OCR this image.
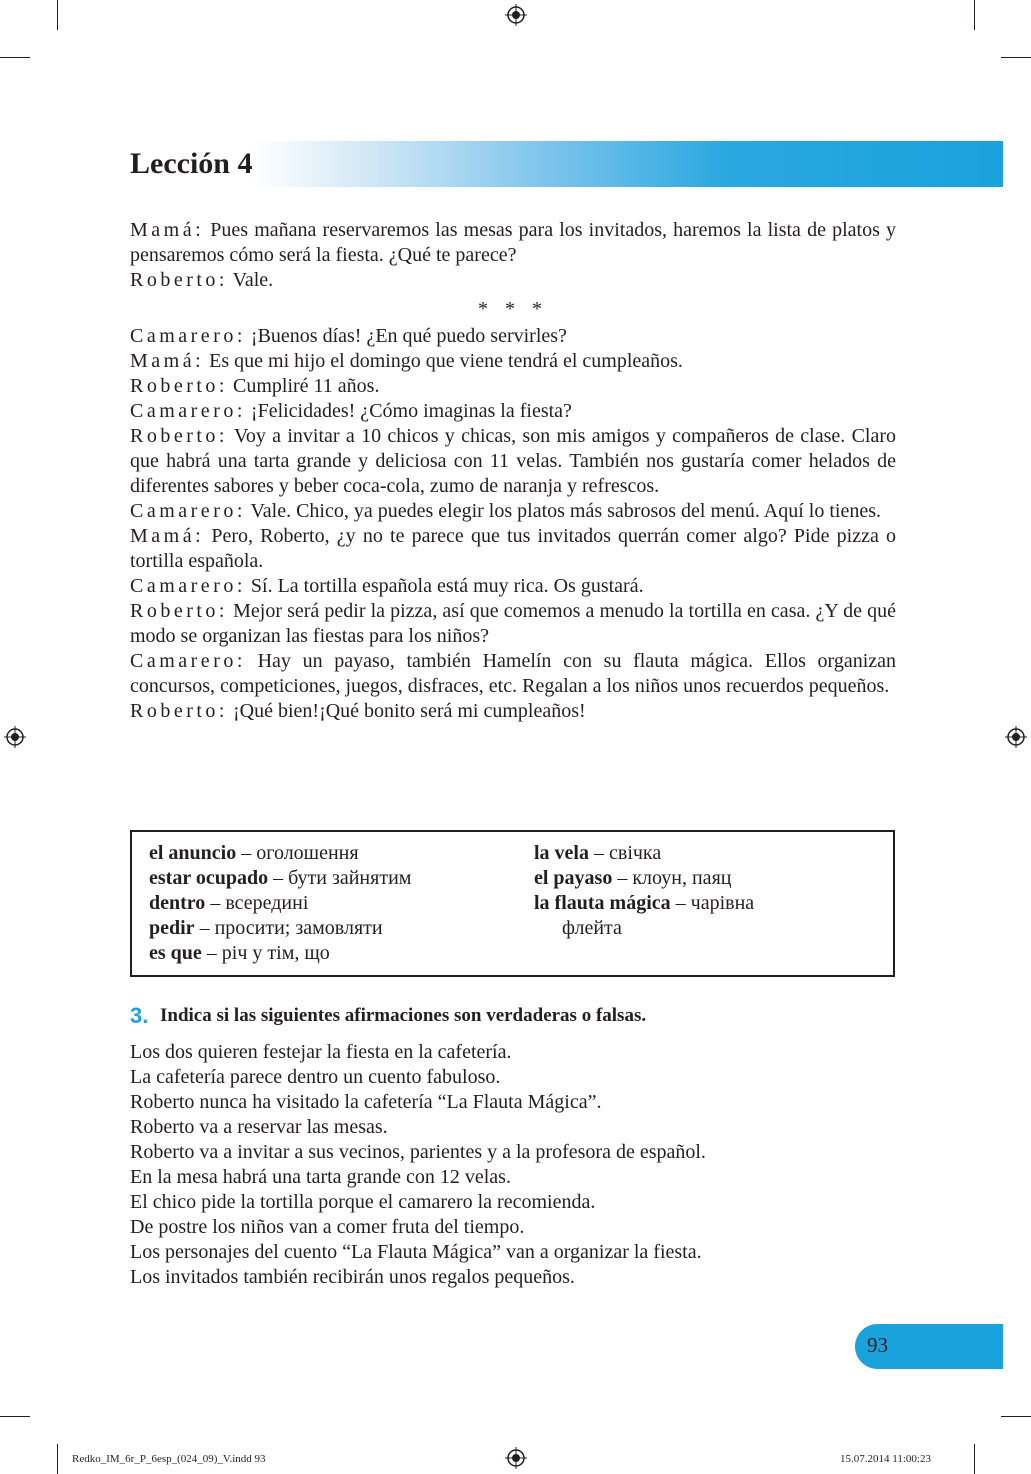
Lección 4

Mamá: Pues mañana reservaremos las mesas para los invitados, haremos la lista de platos y pensaremos cómo será la fiesta. ¿Qué te parece?

Roberto: Vale.

* * *

Camarero: ¡Buenos días! ¿En qué puedo servirles?

Mamá: Es que mi hijo el domingo que viene tendrá el cumpleaños.

Roberto: Cumpliré 11 años.

Camarero: ¡Felicidades! ¿Cómo imaginas la fiesta?

Roberto: Voy a invitar a 10 chicos y chicas, son mis amigos y compañeros de clase. Claro que habrá una tarta grande y deliciosa con 11 velas. También nos gustaría comer helados de diferentes sabores y beber coca-cola, zumo de naranja y refrescos.

Camarero: Vale. Chico, ya puedes elegir los platos más sabrosos del menú. Aquí lo tienes.

Mamá: Pero, Roberto, ¿y no te parece que tus invitados querrán comer algo? Pide pizza o tortilla española.

Camarero: Sí. La tortilla española está muy rica. Os gustará.

Roberto: Mejor será pedir la pizza, así que comemos a menudo la tortilla en casa. ¿Y de qué modo se organizan las fiestas para los niños?

Camarero: Hay un payaso, también Hamelín con su flauta mágica. Ellos organizan concursos, competiciones, juegos, disfraces, etc. Regalan a los niños unos recuerdos pequeños.

Roberto: ¡Qué bien!¡Qué bonito será mi cumpleaños!

el anuncio – оголошення
estar ocupado – бути зайнятим
dentro – всередині
pedir – просити; замовляти
es que – річ у тім, що
la vela – свічка
el payaso – клоун, паяц
la flauta mágica – чарівна
флейта
3. Indica si las siguientes afirmaciones son verdaderas o falsas.
Los dos quieren festejar la fiesta en la cafetería.
La cafetería parece dentro un cuento fabuloso.
Roberto nunca ha visitado la cafetería “La Flauta Mágica”.
Roberto va a reservar las mesas.
Roberto va a invitar a sus vecinos, parientes y a la profesora de español.
En la mesa habrá una tarta grande con 12 velas.
El chico pide la tortilla porque el camarero la recomienda.
De postre los niños van a comer fruta del tiempo.
Los personajes del cuento “La Flauta Mágica” van a organizar la fiesta.
Los invitados también recibirán unos regalos pequeños.
93
Redko_IM_6r_P_6esp_(024_09)_V.indd 93	15.07.2014 11:00:23
